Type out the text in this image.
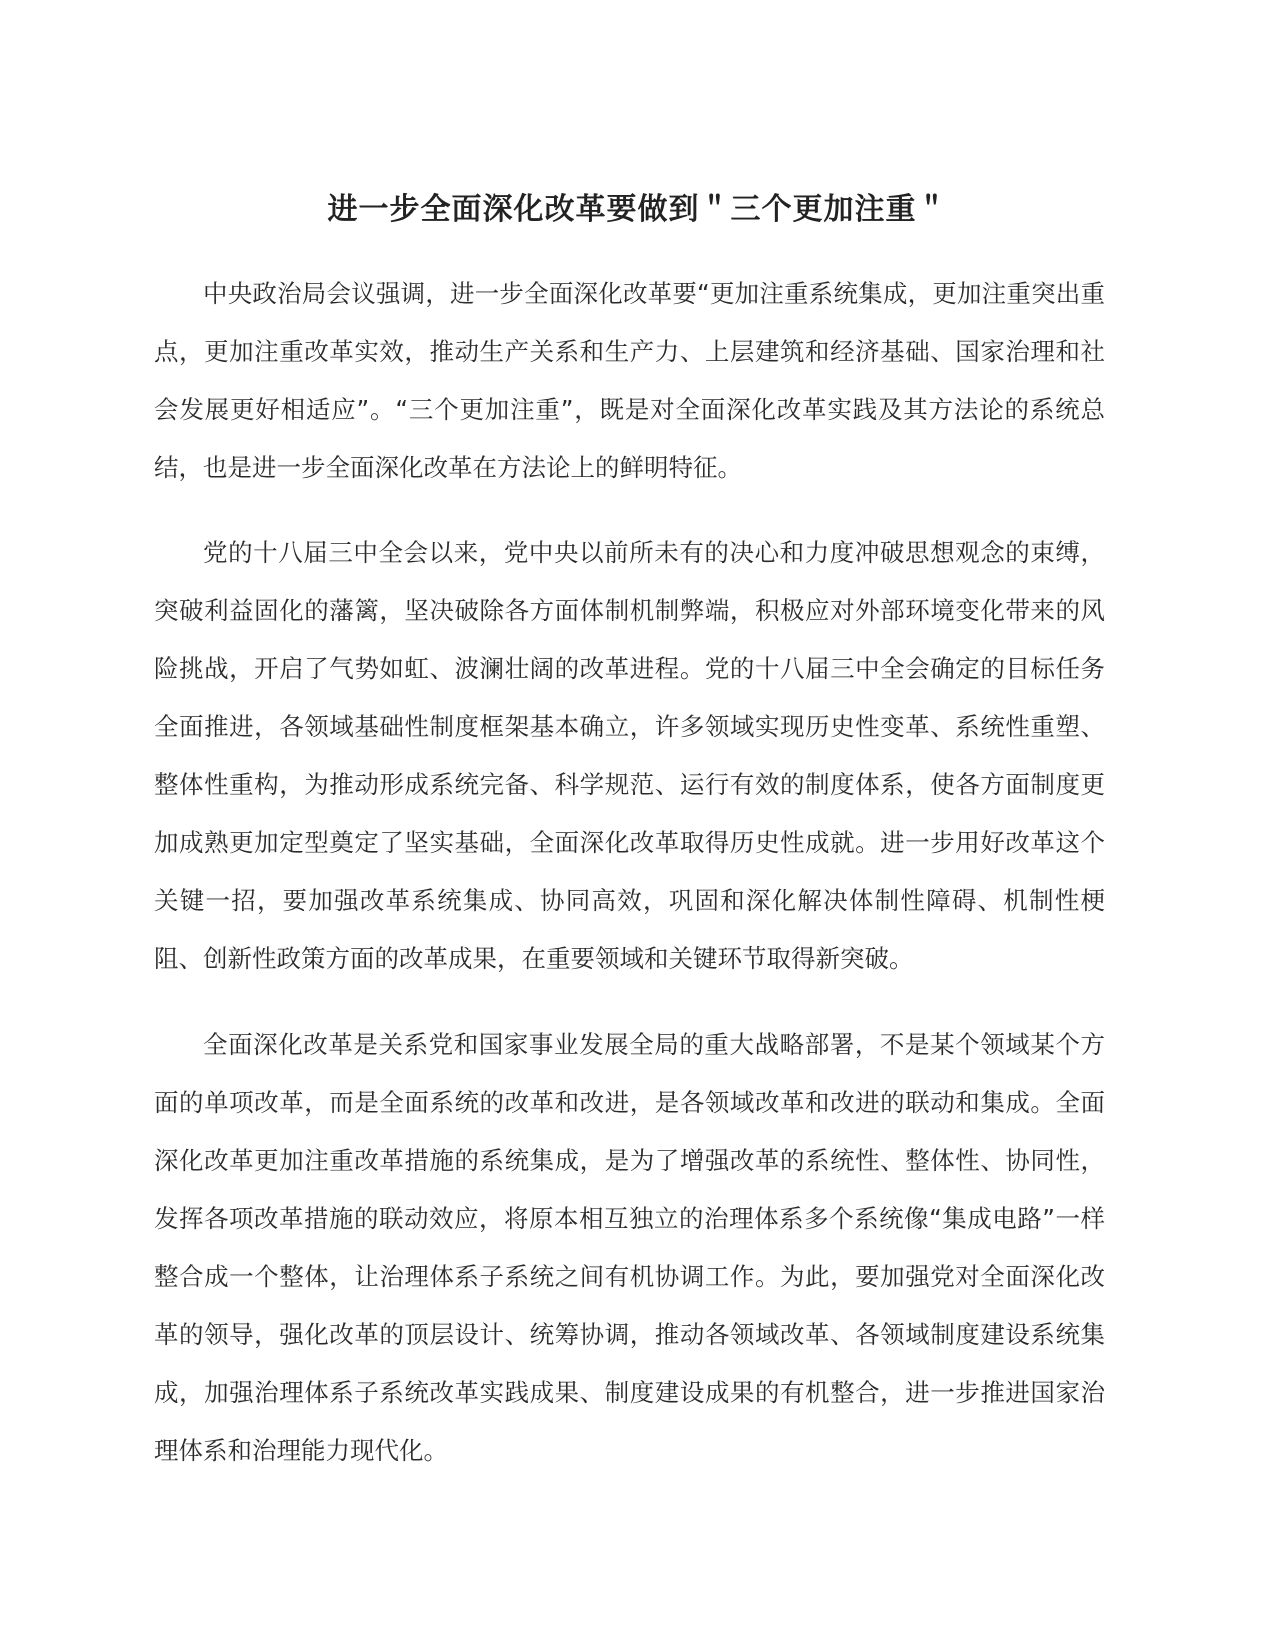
进一步全面深化改革要做到＂三个更加注重＂

中央政治局会议强调，进一步全面深化改革要“更加注重系统集成，更加注重突出重点，更加注重改革实效，推动生产关系和生产力、上层建筑和经济基础、国家治理和社会发展更好相适应”。“三个更加注重”，既是对全面深化改革实践及其方法论的系统总结，也是进一步全面深化改革在方法论上的鲜明特征。

党的十八届三中全会以来，党中央以前所未有的决心和力度冲破思想观念的束缚，突破利益固化的藩篱，坚决破除各方面体制机制弊端，积极应对外部环境变化带来的风险挑战，开启了气势如虹、波澜壮阔的改革进程。党的十八届三中全会确定的目标任务全面推进，各领域基础性制度框架基本确立，许多领域实现历史性变革、系统性重塑、整体性重构，为推动形成系统完备、科学规范、运行有效的制度体系，使各方面制度更加成熟更加定型奠定了坚实基础，全面深化改革取得历史性成就。进一步用好改革这个关键一招，要加强改革系统集成、协同高效，巩固和深化解决体制性障碍、机制性梗阻、创新性政策方面的改革成果，在重要领域和关键环节取得新突破。

全面深化改革是关系党和国家事业发展全局的重大战略部署，不是某个领域某个方面的单项改革，而是全面系统的改革和改进，是各领域改革和改进的联动和集成。全面深化改革更加注重改革措施的系统集成，是为了增强改革的系统性、整体性、协同性，发挥各项改革措施的联动效应，将原本相互独立的治理体系多个系统像“集成电路”一样整合成一个整体，让治理体系子系统之间有机协调工作。为此，要加强党对全面深化改革的领导，强化改革的顶层设计、统筹协调，推动各领域改革、各领域制度建设系统集成，加强治理体系子系统改革实践成果、制度建设成果的有机整合，进一步推进国家治理体系和治理能力现代化。
